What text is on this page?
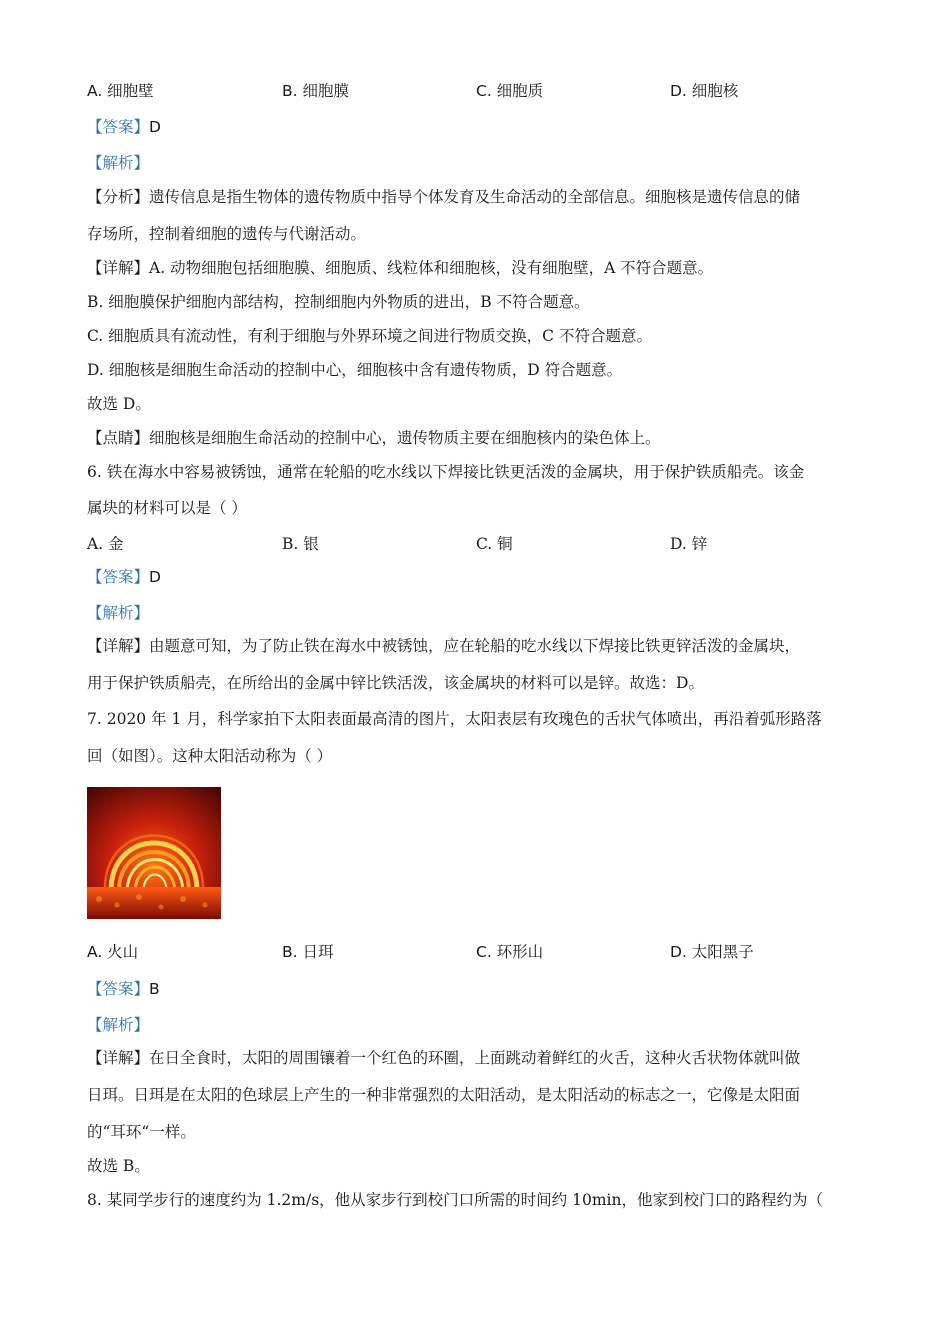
A. 细胞壁	B. 细胞膜	C. 细胞质	D. 细胞核
【答案】D
【解析】
【分析】遗传信息是指生物体的遗传物质中指导个体发育及生命活动的全部信息。细胞核是遗传信息的储
存场所，控制着细胞的遗传与代谢活动。
【详解】A. 动物细胞包括细胞膜、细胞质、线粒体和细胞核，没有细胞壁，A 不符合题意。
B. 细胞膜保护细胞内部结构，控制细胞内外物质的进出，B 不符合题意。
C. 细胞质具有流动性，有利于细胞与外界环境之间进行物质交换，C 不符合题意。
D. 细胞核是细胞生命活动的控制中心，细胞核中含有遗传物质，D 符合题意。
故选 D。
【点睛】细胞核是细胞生命活动的控制中心，遗传物质主要在细胞核内的染色体上。
6. 铁在海水中容易被锈蚀，通常在轮船的吃水线以下焊接比铁更活泼的金属块，用于保护铁质船壳。该金
属块的材料可以是（ ）
A. 金	B. 银	C. 铜	D. 锌
【答案】D
【解析】
【详解】由题意可知，为了防止铁在海水中被锈蚀，应在轮船的吃水线以下焊接比铁更锌活泼的金属块，
用于保护铁质船壳，在所给出的金属中锌比铁活泼，该金属块的材料可以是锌。故选：D。
7. 2020 年 1 月，科学家拍下太阳表面最高清的图片，太阳表层有玫瑰色的舌状气体喷出，再沿着弧形路落
回（如图）。这种太阳活动称为（ ）
A. 火山	B. 日珥	C. 环形山	D. 太阳黑子
【答案】B
【解析】
【详解】在日全食时，太阳的周围镶着一个红色的环圈，上面跳动着鲜红的火舌，这种火舌状物体就叫做
日珥。日珥是在太阳的色球层上产生的一种非常强烈的太阳活动，是太阳活动的标志之一，它像是太阳面
的“耳环“一样。
故选 B。
8. 某同学步行的速度约为 1.2m/s，他从家步行到校门口所需的时间约 10min，他家到校门口的路程约为（
